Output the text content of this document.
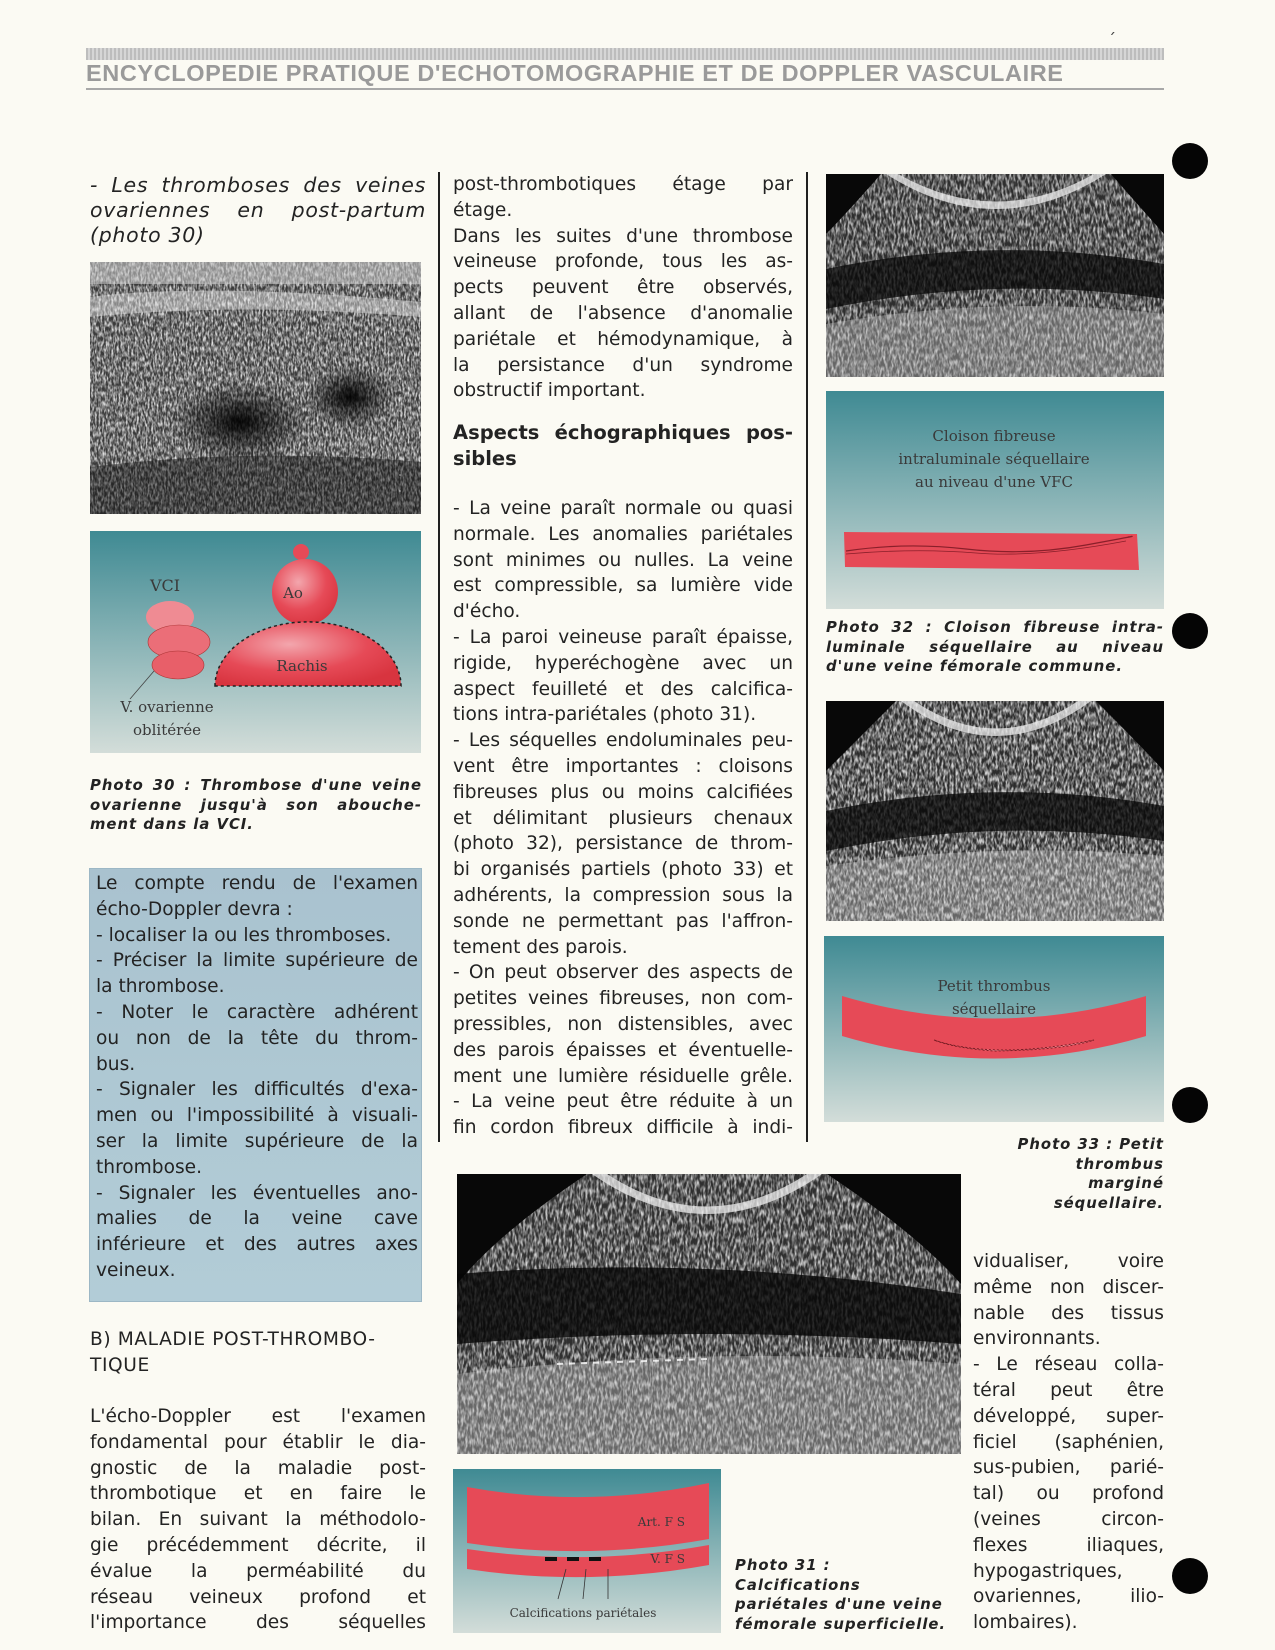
ENCYCLOPEDIE PRATIQUE D'ECHOTOMOGRAPHIE ET DE DOPPLER VASCULAIRE
´

- Les thromboses des veines

ovariennes en post-partum

(photo 30)

VCI	Ao
Rachis
V. ovarienne
oblitérée

Photo 30 : Thrombose d'une veine

ovarienne jusqu'à son abouche-

ment dans la VCI.

Le compte rendu de l'examen

écho-Doppler devra :

- localiser la ou les thromboses.

- Préciser la limite supérieure de

la thrombose.

- Noter le caractère adhérent

ou non de la tête du throm-

bus.

- Signaler les difficultés d'exa-

men ou l'impossibilité à visuali-

ser la limite supérieure de la

thrombose.

- Signaler les éventuelles ano-

malies de la veine cave

inférieure et des autres axes

veineux.

B) MALADIE POST-THROMBO-

TIQUE

L'écho-Doppler est l'examen

fondamental pour établir le dia-

gnostic de la maladie post-

thrombotique et en faire le

bilan. En suivant la méthodolo-

gie précédemment décrite, il

évalue la perméabilité du

réseau veineux profond et

l'importance des séquelles

post-thrombotiques étage par

étage.

Dans les suites d'une thrombose

veineuse profonde, tous les as-

pects peuvent être observés,

allant de l'absence d'anomalie

pariétale et hémodynamique, à

la persistance d'un syndrome

obstructif important.

Aspects échographiques pos-

sibles

- La veine paraît normale ou quasi

normale. Les anomalies pariétales

sont minimes ou nulles. La veine

est compressible, sa lumière vide

d'écho.

- La paroi veineuse paraît épaisse,

rigide, hyperéchogène avec un

aspect feuilleté et des calcifica-

tions intra-pariétales (photo 31).

- Les séquelles endoluminales peu-

vent être importantes : cloisons

fibreuses plus ou moins calcifiées

et délimitant plusieurs chenaux

(photo 32), persistance de throm-

bi organisés partiels (photo 33) et

adhérents, la compression sous la

sonde ne permettant pas l'affron-

tement des parois.

- On peut observer des aspects de

petites veines fibreuses, non com-

pressibles, non distensibles, avec

des parois épaisses et éventuelle-

ment une lumière résiduelle grêle.

- La veine peut être réduite à un

fin cordon fibreux difficile à indi-

Cloison fibreuse
intraluminale séquellaire
au niveau d'une VFC

Photo 32 : Cloison fibreuse intra-

luminale séquellaire au niveau

d'une veine fémorale commune.

Petit thrombus
séquellaire

Photo 33 : Petit

thrombus

marginé

séquellaire.

Art. F S
V. F S
Calcifications pariétales

Photo 31 :

Calcifications

pariétales d'une veine

fémorale superficielle.

vidualiser, voire

même non discer-

nable des tissus

environnants.

- Le réseau colla-

téral peut être

développé, super-

ficiel (saphénien,

sus-pubien, parié-

tal) ou profond

(veines circon-

flexes iliaques,

hypogastriques,

ovariennes, ilio-

lombaires).
